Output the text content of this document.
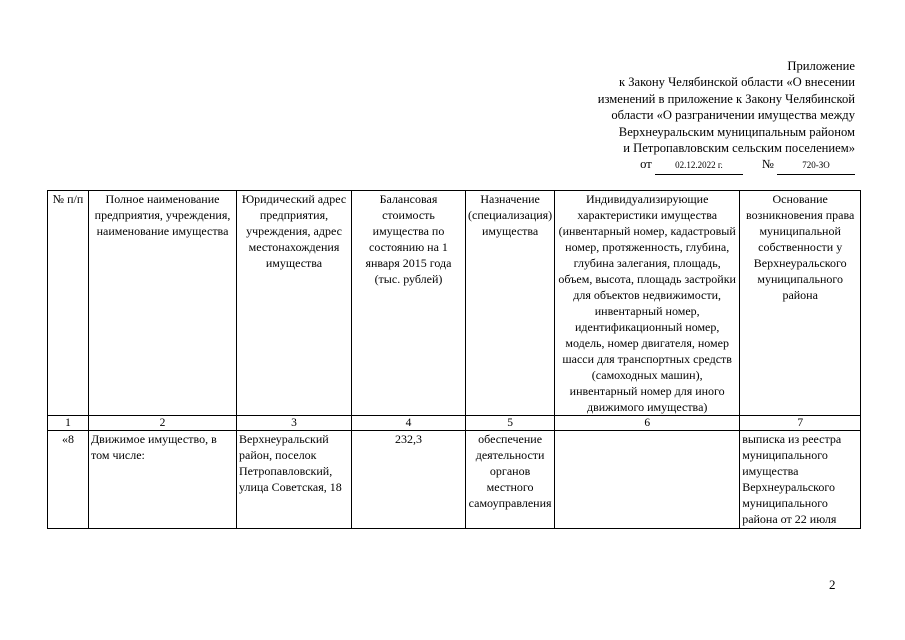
Приложение
к Закону Челябинской области «О внесении
изменений в приложение к Закону Челябинской
области «О разграничении имущества между
Верхнеуральским муниципальным районом
и Петропавловским сельским поселением»
от	02.12.2022 г.	№	720-ЗО
№ п/п	Полное наименование предприятия, учреждения, наименование имущества	Юридический адрес предприятия, учреждения, адрес местонахождения имущества	Балансовая стоимость имущества по состоянию на 1 января 2015 года (тыс. рублей)	Назначение (специализация) имущества	Индивидуализирующие характеристики имущества (инвентарный номер, кадастровый номер, протяженность, глубина, глубина залегания, площадь, объем, высота, площадь застройки для объектов недвижимости, инвентарный номер, идентификационный номер, модель, номер двигателя, номер шасси для транспортных средств (самоходных машин), инвентарный номер для иного движимого имущества)	Основание возникновения права муниципальной собственности у Верхнеуральского муниципального района
1	2	3	4	5	6	7

«8	Движимое имущество, в том числе:	Верхнеуральский район, поселок Петропавловский, улица Советская, 18	232,3	обеспечение деятельности органов местного самоуправления		выписка из реестра муниципального имущества Верхнеуральского муниципального района от 22 июля
2
